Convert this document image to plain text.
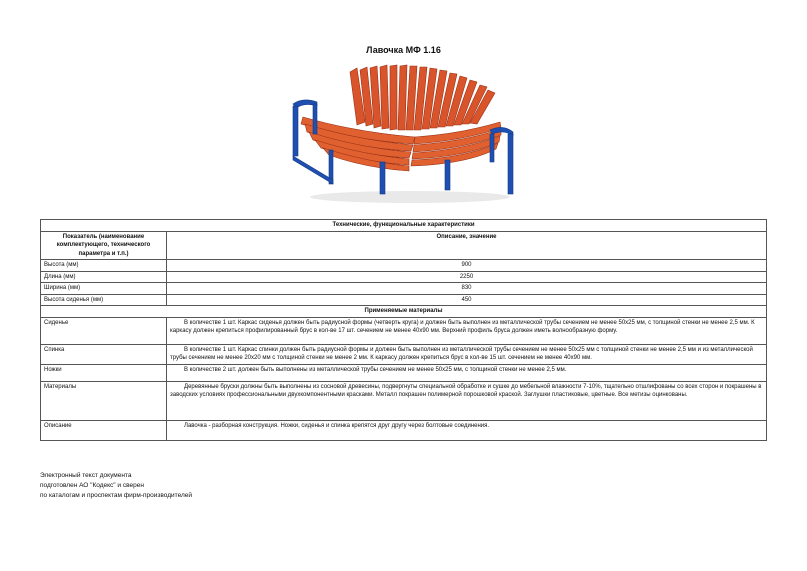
Лавочка МФ 1.16
Технические, функциональные характеристики	
Показатель (наименование комплектующего, технического параметра и т.п.)	Описание, значение
Высота (мм)	900
Длина (мм)	2250
Ширина (мм)	830
Высота сиденья (мм)	450
Применяемые материалы	
Сиденье	В количестве 1 шт. Каркас сиденья должен быть радиусной формы (четверть круга) и должен быть выполнен из металлической трубы сечением не менее 50х25 мм, с толщиной стенки не менее 2,5 мм. К каркасу должен крепиться профилированный брус в кол-ве 17 шт. сечением не менее 40х90 мм. Верхний профиль бруса должен иметь волнообразную форму.
Спинка	В количестве 1 шт. Каркас спинки должен быть радиусной формы и должен быть выполнен из металлической трубы сечением не менее 50х25 мм с толщиной стенки не менее 2,5 мм и из металлической трубы сечением не менее 20х20 мм с толщиной стенки не менее 2 мм. К каркасу должен крепиться брус в кол-ве 15 шт. сечением не менее 40х90 мм.
Ножки	В количестве 2 шт. должен быть выполнены из металлической трубы сечением не менее 50х25 мм, с толщиной стенки не менее 2,5 мм.
Материалы	Деревянные бруски должны быть выполнены из сосновой древесины, подвергнуты специальной обработке и сушке до мебельной влажности 7-10%, тщательно отшлифованы со всех сторон и покрашены в заводских условиях профессиональными двухкомпонентными красками. Металл покрашен полимерной порошковой краской. Заглушки пластиковые, цветные. Все метизы оцинкованы.
Описание	Лавочка - разборная конструкция. Ножки, сиденья и спинка крепятся друг другу через болтовые соединения.
Электронный текст документа
подготовлен АО "Кодекс" и сверен
по каталогам и проспектам фирм-производителей
